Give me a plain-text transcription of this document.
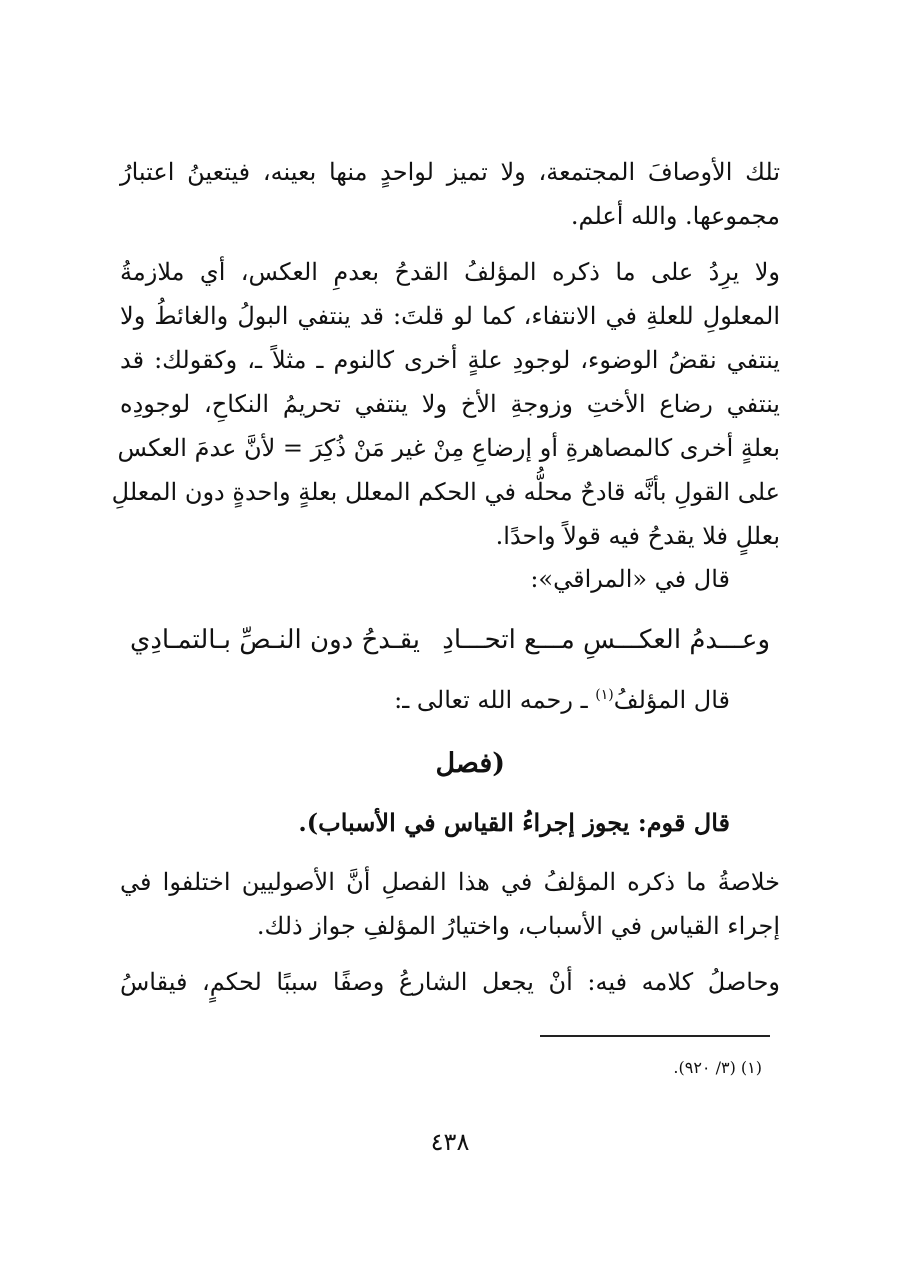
تلك الأوصافَ المجتمعة، ولا تميز لواحدٍ منها بعينه، فيتعينُ اعتبارُ
مجموعها. والله أعلم.
ولا يرِدُ على ما ذكره المؤلفُ القدحُ بعدمِ العكس، أي ملازمةُ
المعلولِ للعلةِ في الانتفاء، كما لو قلتَ: قد ينتفي البولُ والغائطُ ولا
ينتفي نقضُ الوضوء، لوجودِ علةٍ أخرى كالنوم ـ مثلاً ـ، وكقولك: قد
ينتفي رضاع الأختِ وزوجةِ الأخ ولا ينتفي تحريمُ النكاحِ، لوجودِه
بعلةٍ أخرى كالمصاهرةِ أو إرضاعِ مِنْ غير مَنْ ذُكِرَ = لأنَّ عدمَ العكس
على القولِ بأنَّه قادحٌ محلُّه في الحكم المعلل بعلةٍ واحدةٍ دون المعللِ
بعللٍ فلا يقدحُ فيه قولاً واحدًا.
قال في «المراقي»:
وعـــدمُ العكـــسِ مـــع اتحـــادِ
يقـدحُ دون النـصِّ بـالتمـادِي
قال المؤلفُ$^{(١)}$ ـ رحمه الله تعالى ـ:
(فصل
قال قوم: يجوز إجراءُ القياس في الأسباب).
خلاصةُ ما ذكره المؤلفُ في هذا الفصلِ أنَّ الأصوليين اختلفوا في
إجراء القياس في الأسباب، واختيارُ المؤلفِ جواز ذلك.
وحاصلُ كلامه فيه: أنْ يجعل الشارعُ وصفًا سببًا لحكمٍ، فيقاسُ
(١) (٣/ ٩٢٠).
٤٣٨
